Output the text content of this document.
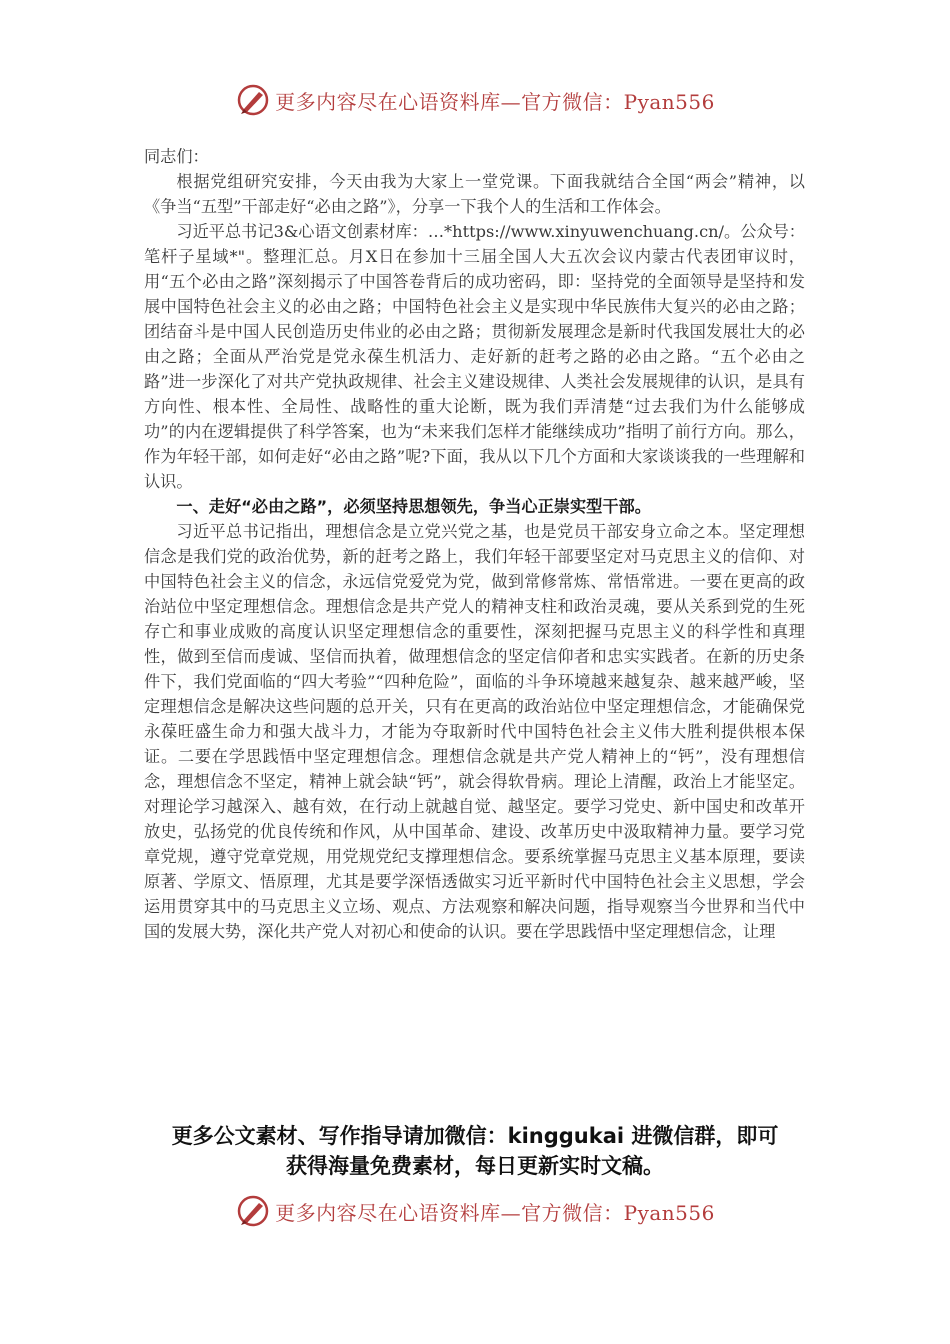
更多内容尽在心语资料库—官方微信：Pyan556

同志们：

根据党组研究安排，今天由我为大家上一堂党课。下面我就结合全国“两会”精神，以《争当“五型”干部走好“必由之路”》，分享一下我个人的生活和工作体会。

习近平总书记3&心语文创素材库：…*https://www.xinyuwenchuang.cn/。公众号：笔杆子星域*"。整理汇总。月X日在参加十三届全国人大五次会议内蒙古代表团审议时，用“五个必由之路”深刻揭示了中国答卷背后的成功密码，即：坚持党的全面领导是坚持和发展中国特色社会主义的必由之路；中国特色社会主义是实现中华民族伟大复兴的必由之路；团结奋斗是中国人民创造历史伟业的必由之路；贯彻新发展理念是新时代我国发展壮大的必由之路；全面从严治党是党永葆生机活力、走好新的赶考之路的必由之路。“五个必由之路”进一步深化了对共产党执政规律、社会主义建设规律、人类社会发展规律的认识，是具有方向性、根本性、全局性、战略性的重大论断，既为我们弄清楚“过去我们为什么能够成功”的内在逻辑提供了科学答案，也为“未来我们怎样才能继续成功”指明了前行方向。那么，作为年轻干部，如何走好“必由之路”呢?下面，我从以下几个方面和大家谈谈我的一些理解和认识。

一、走好“必由之路”，必须坚持思想领先，争当心正崇实型干部。

习近平总书记指出，理想信念是立党兴党之基，也是党员干部安身立命之本。坚定理想信念是我们党的政治优势，新的赶考之路上，我们年轻干部要坚定对马克思主义的信仰、对中国特色社会主义的信念，永远信党爱党为党，做到常修常炼、常悟常进。一要在更高的政治站位中坚定理想信念。理想信念是共产党人的精神支柱和政治灵魂，要从关系到党的生死存亡和事业成败的高度认识坚定理想信念的重要性，深刻把握马克思主义的科学性和真理性，做到至信而虔诚、坚信而执着，做理想信念的坚定信仰者和忠实实践者。在新的历史条件下，我们党面临的“四大考验”“四种危险”，面临的斗争环境越来越复杂、越来越严峻，坚定理想信念是解决这些问题的总开关，只有在更高的政治站位中坚定理想信念，才能确保党永葆旺盛生命力和强大战斗力，才能为夺取新时代中国特色社会主义伟大胜利提供根本保证。二要在学思践悟中坚定理想信念。理想信念就是共产党人精神上的“钙”，没有理想信念，理想信念不坚定，精神上就会缺“钙”，就会得软骨病。理论上清醒，政治上才能坚定。对理论学习越深入、越有效，在行动上就越自觉、越坚定。要学习党史、新中国史和改革开放史，弘扬党的优良传统和作风，从中国革命、建设、改革历史中汲取精神力量。要学习党章党规，遵守党章党规，用党规党纪支撑理想信念。要系统掌握马克思主义基本原理，要读原著、学原文、悟原理，尤其是要学深悟透做实习近平新时代中国特色社会主义思想，学会运用贯穿其中的马克思主义立场、观点、方法观察和解决问题，指导观察当今世界和当代中国的发展大势，深化共产党人对初心和使命的认识。要在学思践悟中坚定理想信念，让理

更多公文素材、写作指导请加微信：kinggukai 进微信群，即可
获得海量免费素材，每日更新实时文稿。
更多内容尽在心语资料库—官方微信：Pyan556
